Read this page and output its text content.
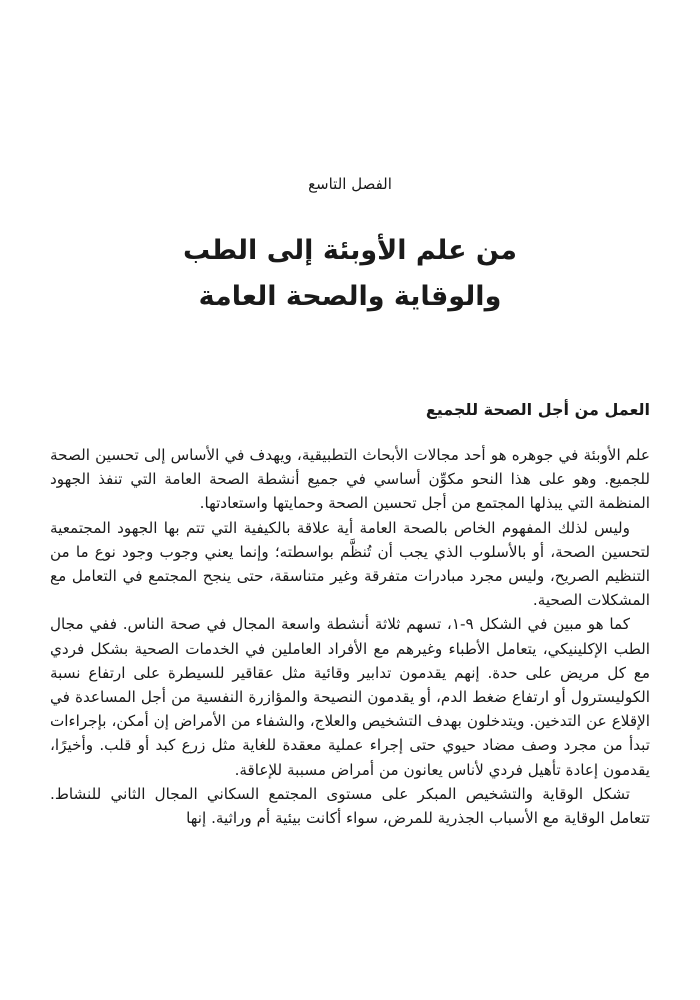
الفصل التاسع
من علم الأوبئة إلى الطب والوقاية والصحة العامة
العمل من أجل الصحة للجميع

علم الأوبئة في جوهره هو أحد مجالات الأبحاث التطبيقية، ويهدف في الأساس إلى تحسين الصحة للجميع. وهو على هذا النحو مكوِّن أساسي في جميع أنشطة الصحة العامة التي تنفذ الجهود المنظمة التي يبذلها المجتمع من أجل تحسين الصحة وحمايتها واستعادتها.

وليس لذلك المفهوم الخاص بالصحة العامة أية علاقة بالكيفية التي تتم بها الجهود المجتمعية لتحسين الصحة، أو بالأسلوب الذي يجب أن تُنظَّم بواسطته؛ وإنما يعني وجوب وجود نوع ما من التنظيم الصريح، وليس مجرد مبادرات متفرقة وغير متناسقة، حتى ينجح المجتمع في التعامل مع المشكلات الصحية.

كما هو مبين في الشكل ٩-١، تسهم ثلاثة أنشطة واسعة المجال في صحة الناس. ففي مجال الطب الإكلينيكي، يتعامل الأطباء وغيرهم مع الأفراد العاملين في الخدمات الصحية بشكل فردي مع كل مريض على حدة. إنهم يقدمون تدابير وقائية مثل عقاقير للسيطرة على ارتفاع نسبة الكوليسترول أو ارتفاع ضغط الدم، أو يقدمون النصيحة والمؤازرة النفسية من أجل المساعدة في الإقلاع عن التدخين. ويتدخلون بهدف التشخيص والعلاج، والشفاء من الأمراض إن أمكن، بإجراءات تبدأ من مجرد وصف مضاد حيوي حتى إجراء عملية معقدة للغاية مثل زرع كبد أو قلب. وأخيرًا، يقدمون إعادة تأهيل فردي لأناس يعانون من أمراض مسببة للإعاقة.

تشكل الوقاية والتشخيص المبكر على مستوى المجتمع السكاني المجال الثاني للنشاط. تتعامل الوقاية مع الأسباب الجذرية للمرض، سواء أكانت بيئية أم وراثية. إنها
